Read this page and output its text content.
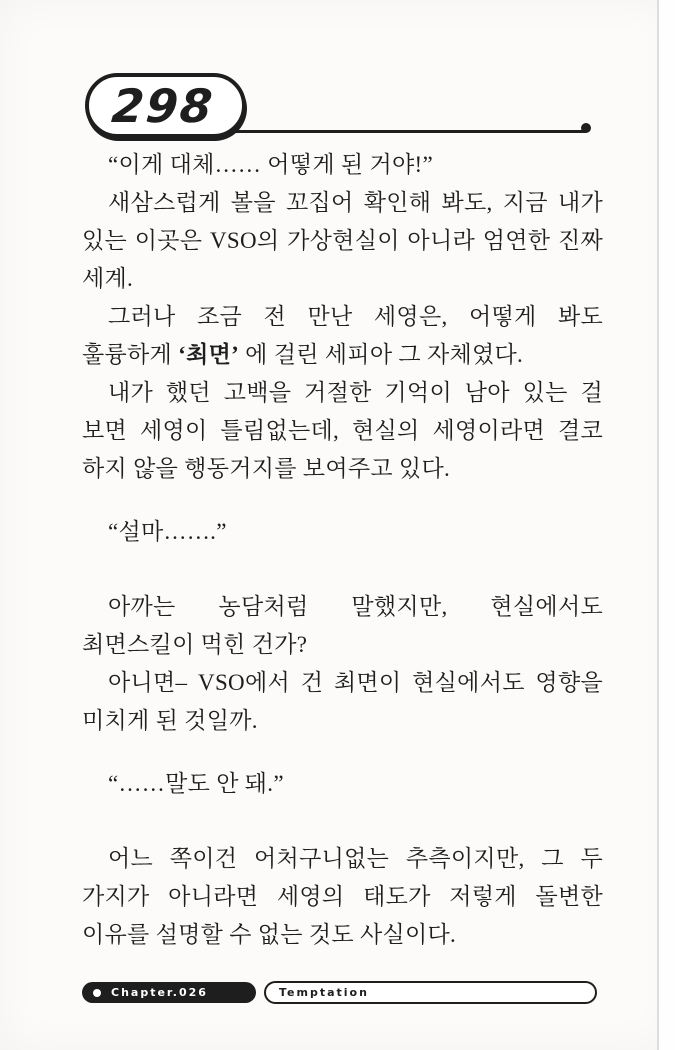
298

“이게 대체…… 어떻게 된 거야!”

새삼스럽게 볼을 꼬집어 확인해 봐도, 지금 내가 있는 이곳은 VSO의 가상현실이 아니라 엄연한 진짜 세계.

그러나 조금 전 만난 세영은, 어떻게 봐도 훌륭하게 ‘최면’ 에 걸린 세피아 그 자체였다.

내가 했던 고백을 거절한 기억이 남아 있는 걸 보면 세영이 틀림없는데, 현실의 세영이라면 결코 하지 않을 행동거지를 보여주고 있다.

“설마…….”

아까는 농담처럼 말했지만, 현실에서도 최면스킬이 먹힌 건가?

아니면– VSO에서 건 최면이 현실에서도 영향을 미치게 된 것일까.

“……말도 안 돼.”

어느 쪽이건 어처구니없는 추측이지만, 그 두 가지가 아니라면 세영의 태도가 저렇게 돌변한 이유를 설명할 수 없는 것도 사실이다.

Chapter.026	Temptation
